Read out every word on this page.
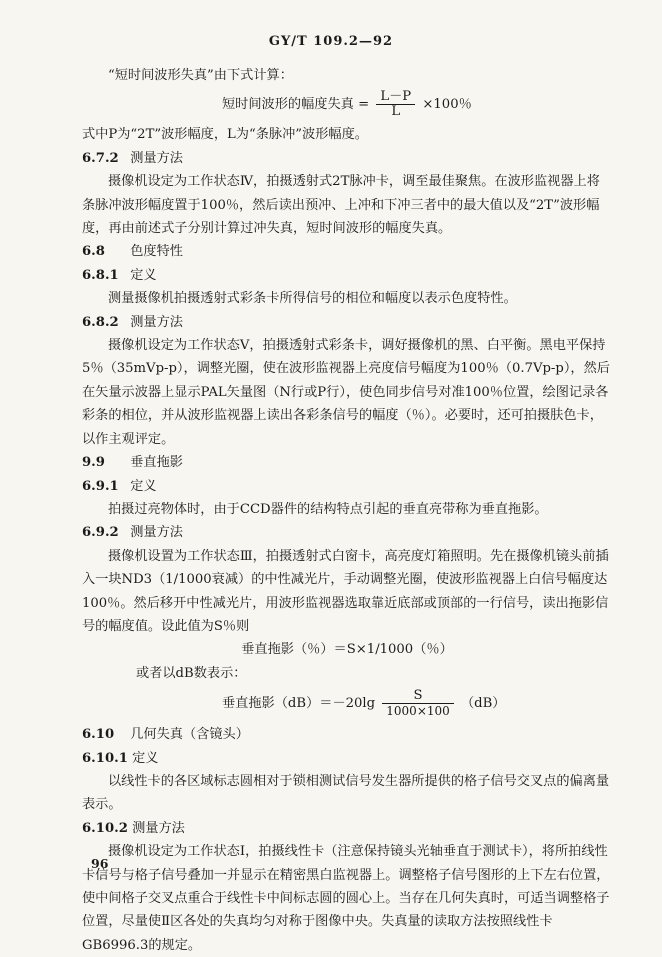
GY/T 109.2—92

“短时间波形失真”由下式计算：

短时间波形的幅度失真 = $\frac{L-P}{L} \times 100$％

式中P为“2T”波形幅度，L为“条脉冲”波形幅度。

6.7.2 测量方法

摄像机设定为工作状态Ⅳ，拍摄透射式2T脉冲卡，调至最佳聚焦。在波形监视器上将条脉冲波形幅度置于100％，然后读出预冲、上冲和下冲三者中的最大值以及“2T”波形幅度，再由前述式子分别计算过冲失真，短时间波形的幅度失真。

6.8 色度特性
6.8.1 定义

测量摄像机拍摄透射式彩条卡所得信号的相位和幅度以表示色度特性。

6.8.2 测量方法

摄像机设定为工作状态Ⅴ，拍摄透射式彩条卡，调好摄像机的黑、白平衡。黑电平保持5％（35mVp-p），调整光圈，使在波形监视器上亮度信号幅度为100％（0.7Vp-p），然后在矢量示波器上显示PAL矢量图（N行或P行），使色同步信号对准100％位置，绘图记录各彩条的相位，并从波形监视器上读出各彩条信号的幅度（％）。必要时，还可拍摄肤色卡，以作主观评定。

9.9 垂直拖影
6.9.1 定义

拍摄过亮物体时，由于CCD器件的结构特点引起的垂直亮带称为垂直拖影。

6.9.2 测量方法

摄像机设置为工作状态Ⅲ，拍摄透射式白窗卡，高亮度灯箱照明。先在摄像机镜头前插入一块ND3（1/1000衰减）的中性减光片，手动调整光圈，使波形监视器上白信号幅度达100％。然后移开中性减光片，用波形监视器选取靠近底部或顶部的一行信号，读出拖影信号的幅度值。设此值为S％则

垂直拖影（％）＝S×1/1000（％）

或者以dB数表示：

垂直拖影$(dB)=-20\lg \frac{S}{1000\times 100} (dB)$
6.10 几何失真（含镜头）
6.10.1 定义

以线性卡的各区域标志圆相对于锁相测试信号发生器所提供的格子信号交叉点的偏离量表示。

6.10.2 测量方法

摄像机设定为工作状态Ⅰ，拍摄线性卡（注意保持镜头光轴垂直于测试卡），将所拍线性卡信号与格子信号叠加一并显示在精密黑白监视器上。调整格子信号图形的上下左右位置，使中间格子交叉点重合于线性卡中间标志圆的圆心上。当存在几何失真时，可适当调整格子位置，尽量使Ⅱ区各处的失真均匀对称于图像中央。失真量的读取方法按照线性卡GB6996.3的规定。

96
